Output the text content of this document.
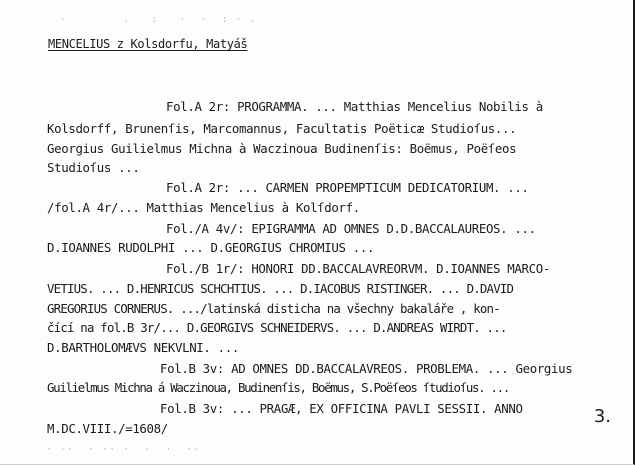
-        .   :   ·  ·  : · .
MENCELIUS z Kolsdorfu, Matyáš
Fol.A 2r: PROGRAMMA. ... Matthias Mencelius Nobilis à
Kolsdorff, Brunenſis, Marcomannus, Facultatis Poëticæ Studioſus...
Georgius Guilielmus Michna à Waczinoua Budinenſis: Boëmus, Poëſeos
Studioſus ...
Fol.A 2r: ... CARMEN PROPEMPTICUM DEDICATORIUM. ...
/fol.A 4r/... Matthias Mencelius à Kolſdorf.
Fol./A 4v/: EPIGRAMMA AD OMNES D.D.BACCALAUREOS. ...
D.IOANNES RUDOLPHI ... D.GEORGIUS CHROMIUS ...
Fol./B 1r/: HONORI DD.BACCALAVREORVM. D.IOANNES MARCO-
VETIUS. ... D.HENRICUS SCHCHTIUS. ... D.IACOBUS RISTINGER. ... D.DAVID
GREGORIUS CORNERUS. .../latinská disticha na všechny bakaláře , kon-
čící na fol.B 3r/... D.GEORGIVS SCHNEIDERVS. ... D.ANDREAS WIRDT. ...
D.BARTHOLOMÆVS NEKVLNI. ...
Fol.B 3v: AD OMNES DD.BACCALAVREOS. PROBLEMA. ... Georgius
Guilielmus Michna á Waczinoua, Budinenſis, Boëmus, S.Poëſeos ſtudioſus. ...
Fol.B 3v: ... PRAGÆ, EX OFFICINA PAVLI SESSII. ANNO
M.DC.VIII./=1608/
· -·  · ·· ·  -  ·  ·-
3.
